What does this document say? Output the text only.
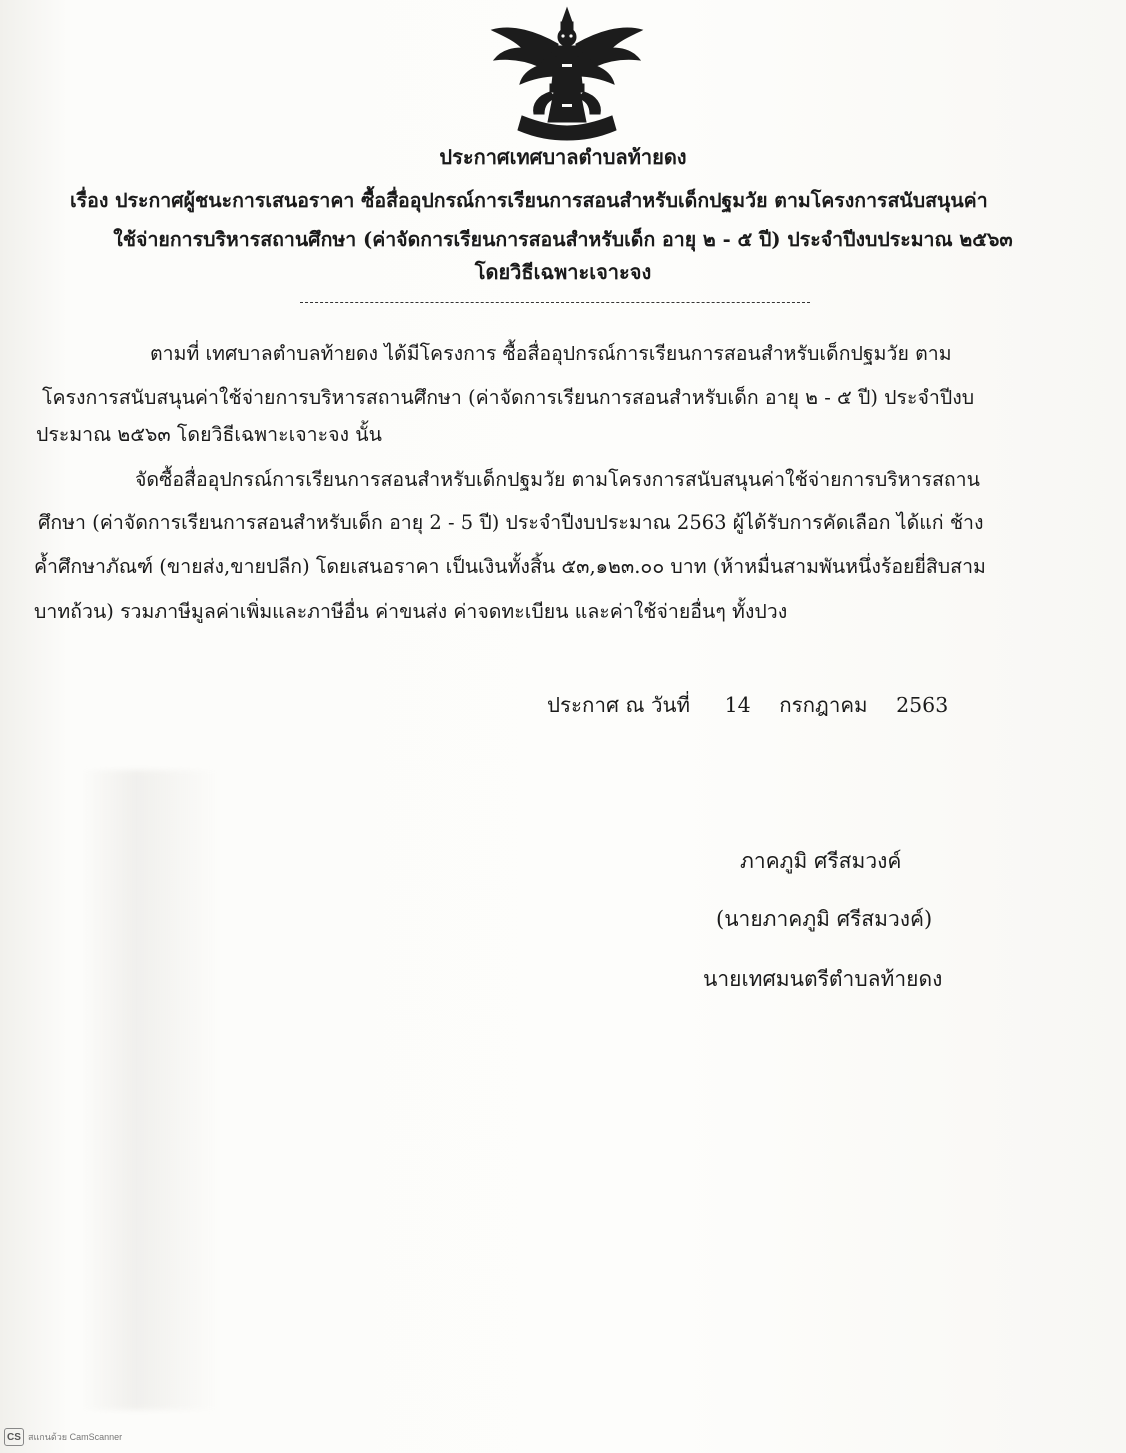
ประกาศเทศบาลตำบลท้ายดง
เรื่อง ประกาศผู้ชนะการเสนอราคา ซื้อสื่ออุปกรณ์การเรียนการสอนสำหรับเด็กปฐมวัย ตามโครงการสนับสนุนค่า
ใช้จ่ายการบริหารสถานศึกษา (ค่าจัดการเรียนการสอนสำหรับเด็ก อายุ ๒ - ๕ ปี) ประจำปีงบประมาณ ๒๕๖๓
โดยวิธีเฉพาะเจาะจง
ตามที่ เทศบาลตำบลท้ายดง ได้มีโครงการ ซื้อสื่ออุปกรณ์การเรียนการสอนสำหรับเด็กปฐมวัย ตาม
โครงการสนับสนุนค่าใช้จ่ายการบริหารสถานศึกษา (ค่าจัดการเรียนการสอนสำหรับเด็ก อายุ ๒ - ๕ ปี) ประจำปีงบ
ประมาณ ๒๕๖๓ โดยวิธีเฉพาะเจาะจง นั้น
จัดซื้อสื่ออุปกรณ์การเรียนการสอนสำหรับเด็กปฐมวัย ตามโครงการสนับสนุนค่าใช้จ่ายการบริหารสถาน
ศึกษา (ค่าจัดการเรียนการสอนสำหรับเด็ก อายุ 2 - 5 ปี) ประจำปีงบประมาณ 2563 ผู้ได้รับการคัดเลือก ได้แก่ ช้าง
ค้ำศึกษาภัณฑ์ (ขายส่ง,ขายปลีก) โดยเสนอราคา เป็นเงินทั้งสิ้น ๕๓,๑๒๓.๐๐ บาท (ห้าหมื่นสามพันหนึ่งร้อยยี่สิบสาม
บาทถ้วน) รวมภาษีมูลค่าเพิ่มและภาษีอื่น ค่าขนส่ง ค่าจดทะเบียน และค่าใช้จ่ายอื่นๆ ทั้งปวง
ประกาศ ณ วันที่ 14 กรกฎาคม 2563
ภาคภูมิ ศรีสมวงค์
(นายภาคภูมิ ศรีสมวงค์)
นายเทศมนตรีตำบลท้ายดง
CS สแกนด้วย CamScanner
